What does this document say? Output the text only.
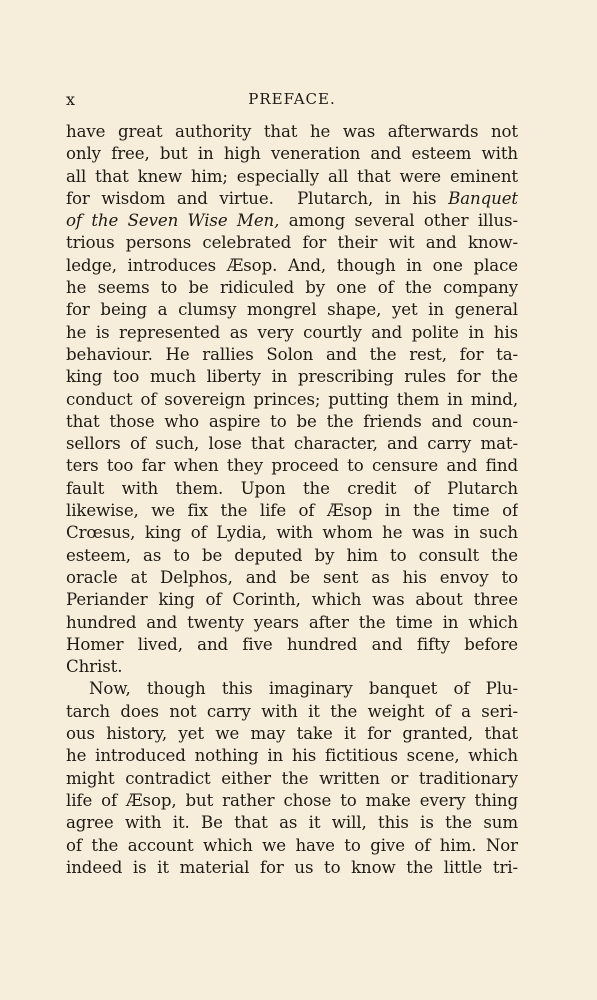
x	PREFACE.
have great authority that he was afterwards not
only free, but in high veneration and esteem with
all that knew him; especially all that were eminent
for wisdom and virtue.  Plutarch, in his Banquet
of the Seven Wise Men, among several other illus-
trious persons celebrated for their wit and know-
ledge, introduces Æsop. And, though in one place
he seems to be ridiculed by one of the company
for being a clumsy mongrel shape, yet in general
he is represented as very courtly and polite in his
behaviour. He rallies Solon and the rest, for ta-
king too much liberty in prescribing rules for the
conduct of sovereign princes; putting them in mind,
that those who aspire to be the friends and coun-
sellors of such, lose that character, and carry mat-
ters too far when they proceed to censure and find
fault with them. Upon the credit of Plutarch
likewise, we fix the life of Æsop in the time of
Crœsus, king of Lydia, with whom he was in such
esteem, as to be deputed by him to consult the
oracle at Delphos, and be sent as his envoy to
Periander king of Corinth, which was about three
hundred and twenty years after the time in which
Homer lived, and five hundred and fifty before
Christ.
Now, though this imaginary banquet of Plu-
tarch does not carry with it the weight of a seri-
ous history, yet we may take it for granted, that
he introduced nothing in his fictitious scene, which
might contradict either the written or traditionary
life of Æsop, but rather chose to make every thing
agree with it. Be that as it will, this is the sum
of the account which we have to give of him. Nor
indeed is it material for us to know the little tri-
